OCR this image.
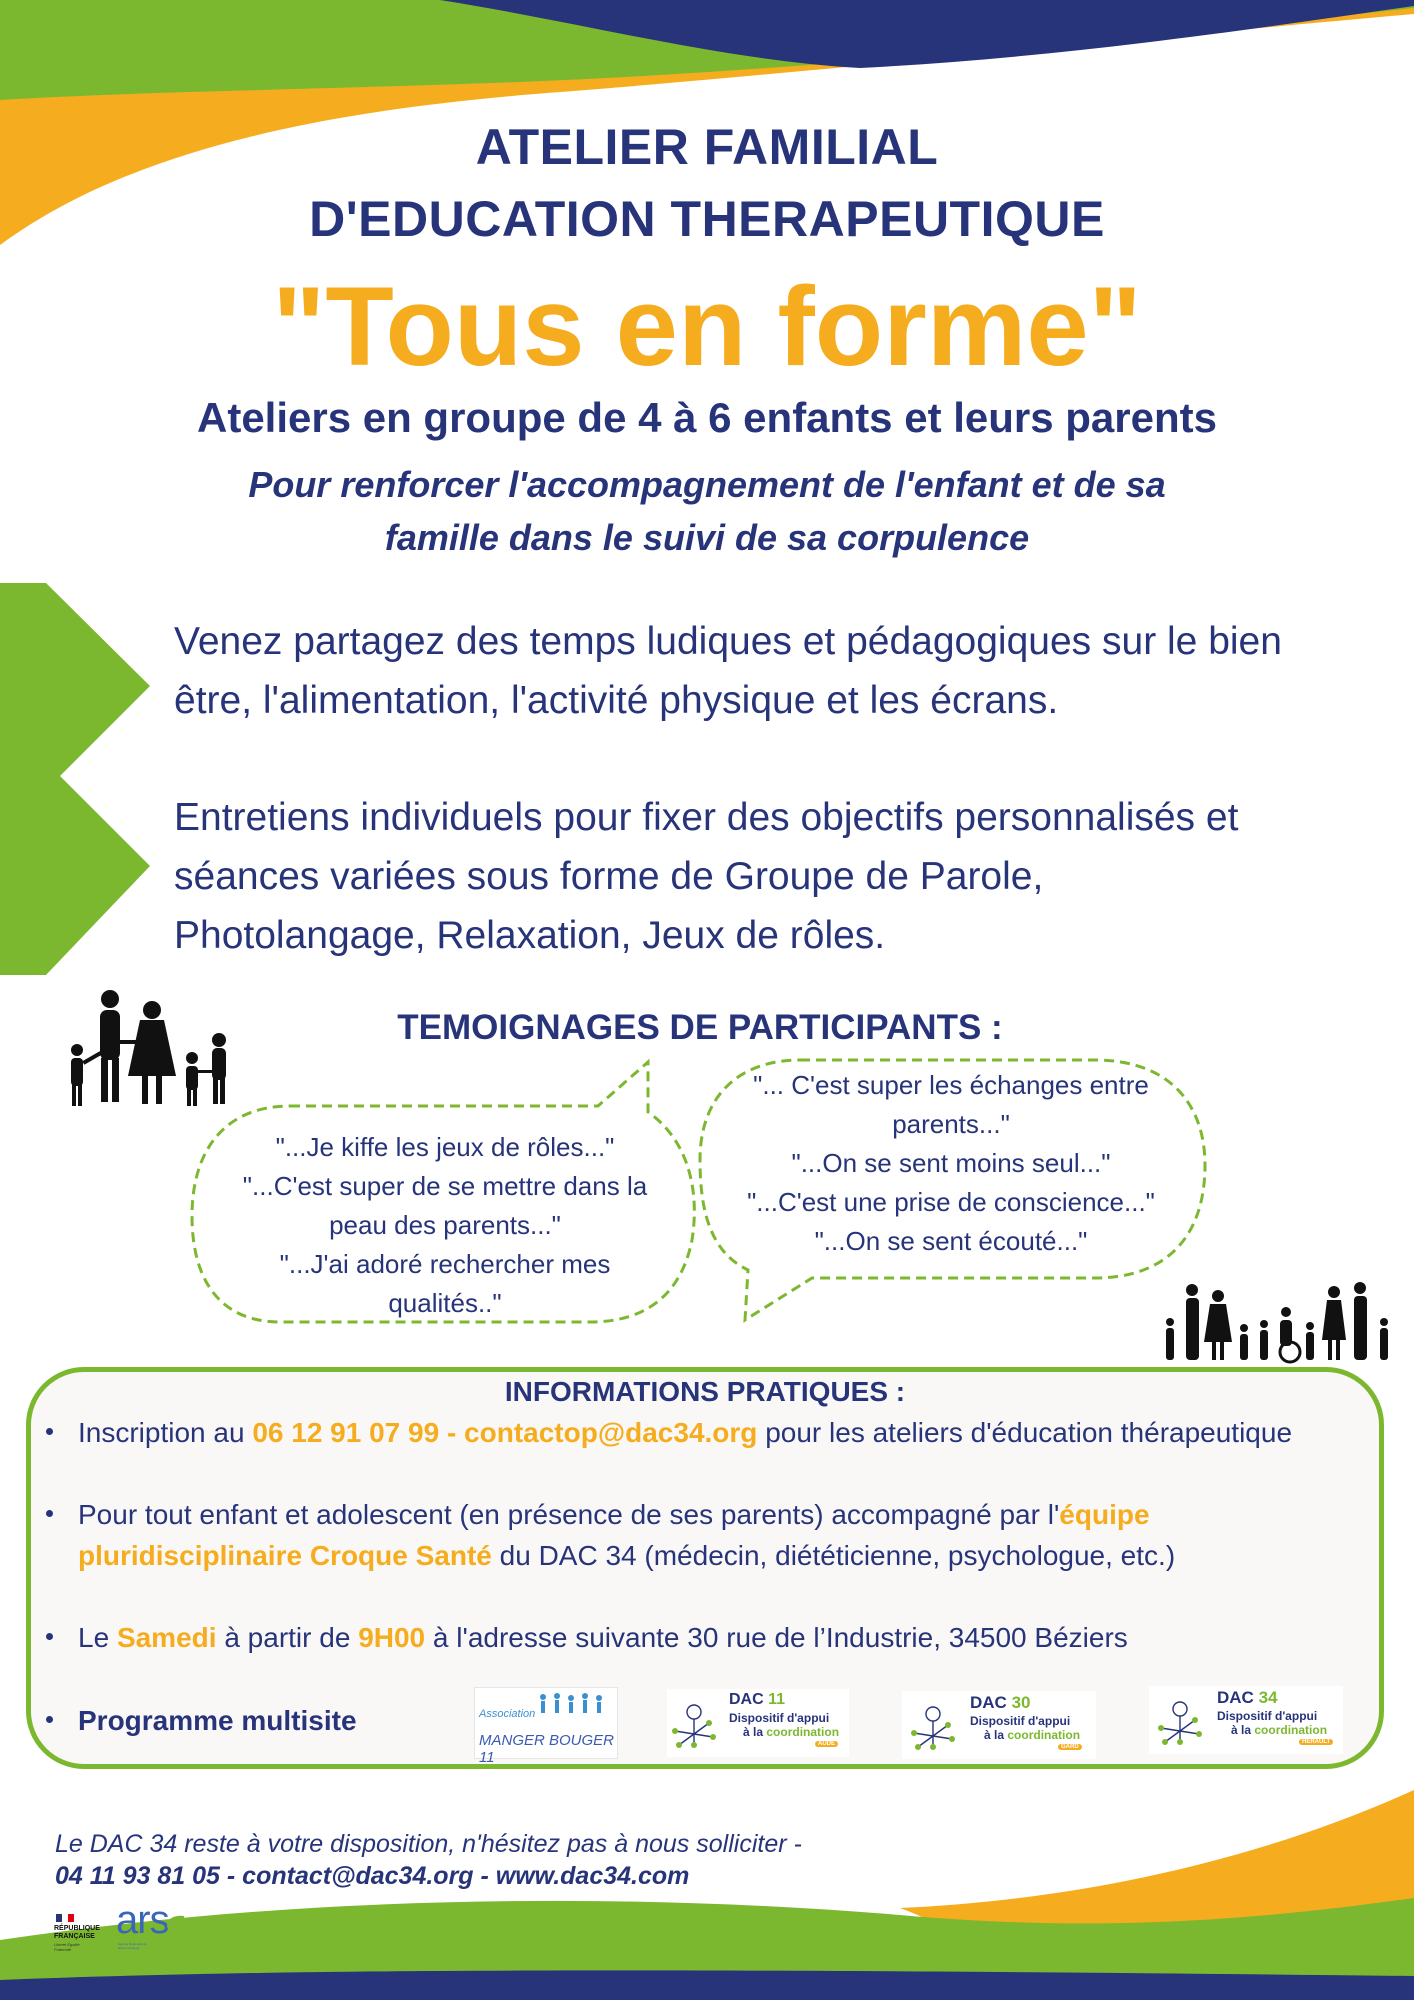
ATELIER FAMILIAL
D'EDUCATION THERAPEUTIQUE
"Tous en forme"
Ateliers en groupe de 4 à 6 enfants et leurs parents
Pour renforcer l'accompagnement de l'enfant et de sa
famille dans le suivi de sa corpulence
Venez partagez des temps ludiques et pédagogiques sur le bien
être, l'alimentation, l'activité physique et les écrans.
Entretiens individuels pour fixer des objectifs personnalisés et
séances variées sous forme de Groupe de Parole,
Photolangage, Relaxation, Jeux de rôles.
TEMOIGNAGES DE PARTICIPANTS :
"...Je kiffe les jeux de rôles..."
"...C'est super de se mettre dans la
peau des parents..."
"...J'ai adoré rechercher mes
qualités.."
"... C'est super les échanges entre
parents..."
"...On se sent moins seul..."
"...C'est une prise de conscience..."
"...On se sent écouté..."
INFORMATIONS PRATIQUES :
Inscription au 06 12 91 07 99 - contactop@dac34.org pour les ateliers d'éducation thérapeutique
Pour tout enfant et adolescent (en présence de ses parents) accompagné par l'équipe pluridisciplinaire Croque Santé du DAC 34 (médecin, diététicienne, psychologue, etc.)
Le Samedi à partir de 9H00 à l'adresse suivante 30 rue de l’Industrie, 34500 Béziers
Programme multisite	Association
MANGER BOUGER 11
DAC 11
Dispositif d'appui
à la coordination
AUDE
DAC 30
Dispositif d'appui
à la coordination
GARD
DAC 34
Dispositif d'appui
à la coordination
HÉRAULT
Le DAC 34 reste à votre disposition, n'hésitez pas à nous solliciter -
04 11 93 81 05 - contact@dac34.org - www.dac34.com
RÉPUBLIQUE
FRANÇAISE
Liberté Égalité Fraternité
ars
Agence Régionale de Santé Occitanie
